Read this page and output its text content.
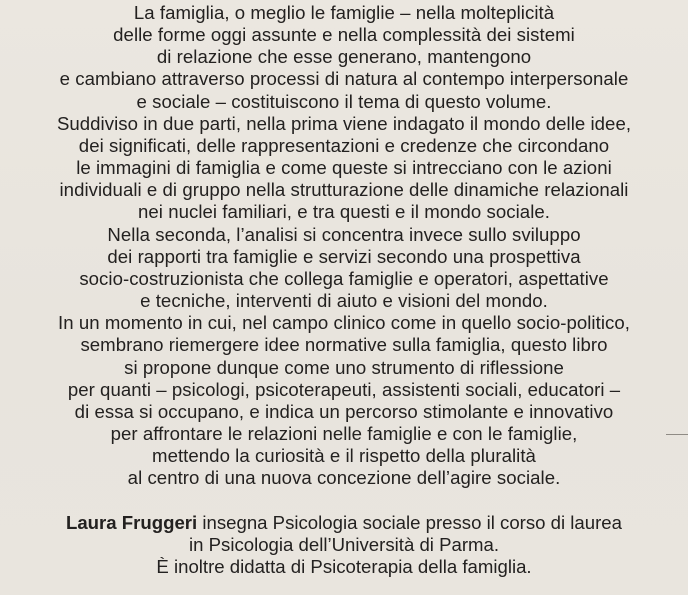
La famiglia, o meglio le famiglie – nella molteplicità
delle forme oggi assunte e nella complessità dei sistemi
di relazione che esse generano, mantengono
e cambiano attraverso processi di natura al contempo interpersonale
e sociale – costituiscono il tema di questo volume.
Suddiviso in due parti, nella prima viene indagato il mondo delle idee,
dei significati, delle rappresentazioni e credenze che circondano
le immagini di famiglia e come queste si intrecciano con le azioni
individuali e di gruppo nella strutturazione delle dinamiche relazionali
nei nuclei familiari, e tra questi e il mondo sociale.
Nella seconda, l’analisi si concentra invece sullo sviluppo
dei rapporti tra famiglie e servizi secondo una prospettiva
socio-costruzionista che collega famiglie e operatori, aspettative
e tecniche, interventi di aiuto e visioni del mondo.
In un momento in cui, nel campo clinico come in quello socio-politico,
sembrano riemergere idee normative sulla famiglia, questo libro
si propone dunque come uno strumento di riflessione
per quanti – psicologi, psicoterapeuti, assistenti sociali, educatori –
di essa si occupano, e indica un percorso stimolante e innovativo
per affrontare le relazioni nelle famiglie e con le famiglie,
mettendo la curiosità e il rispetto della pluralità
al centro di una nuova concezione dell’agire sociale.
Laura Fruggeri insegna Psicologia sociale presso il corso di laurea
in Psicologia dell’Università di Parma.
È inoltre didatta di Psicoterapia della famiglia.
